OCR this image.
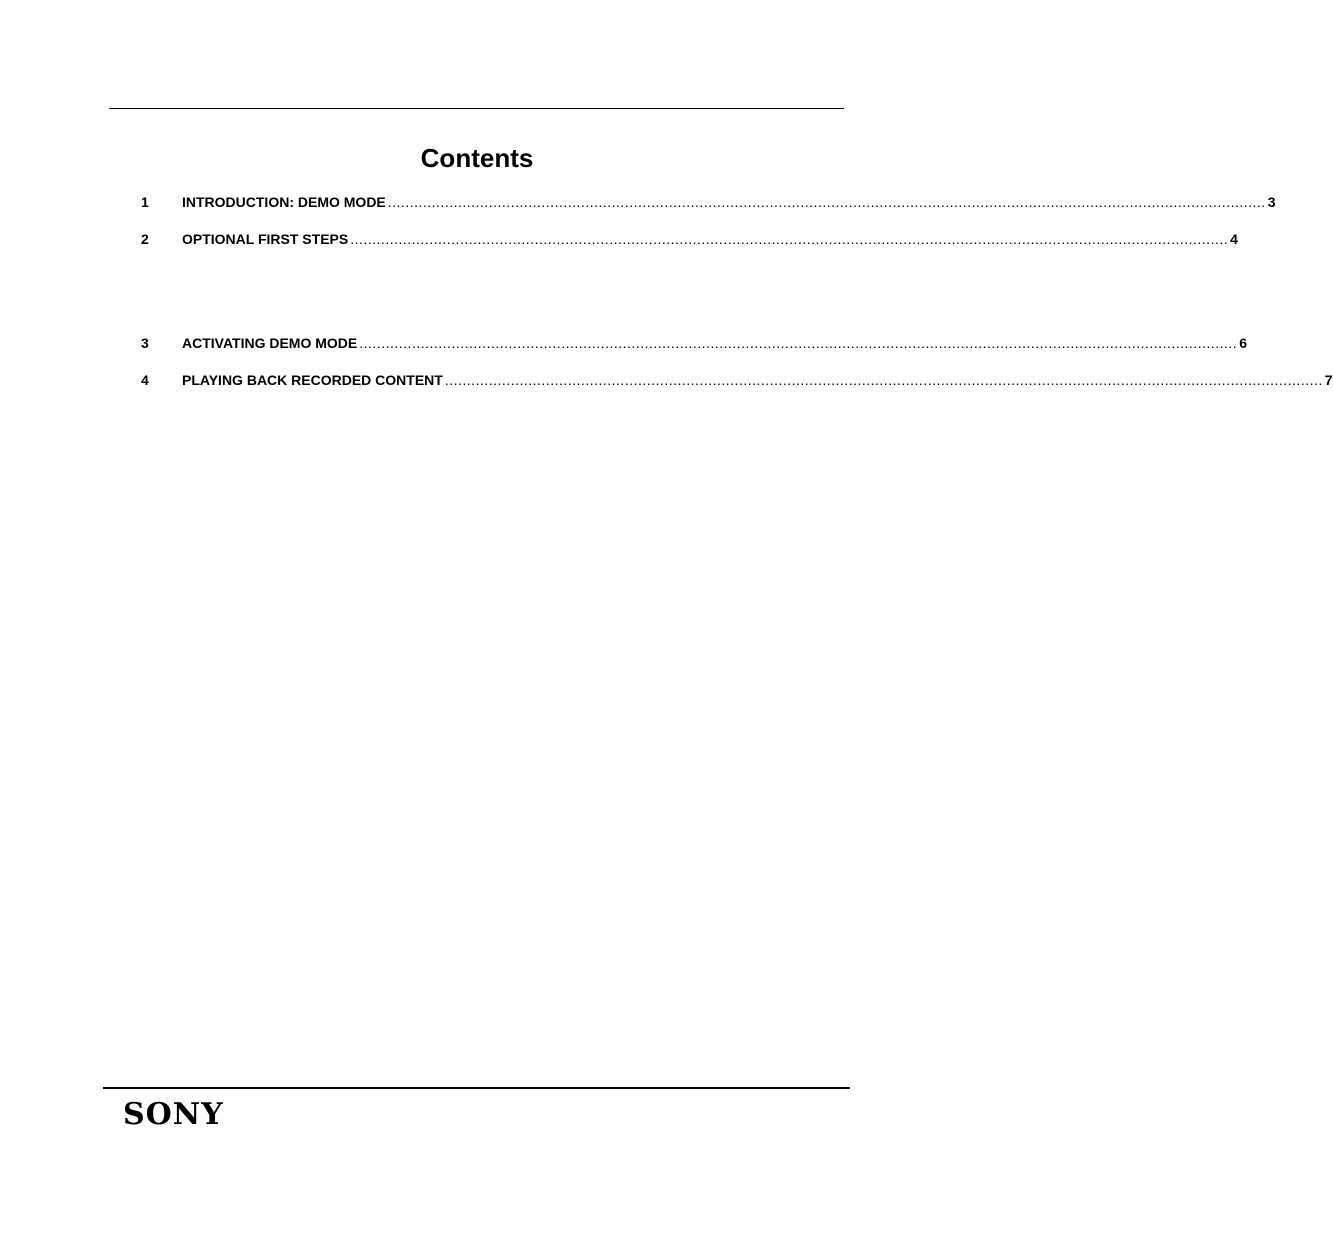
Contents
1	INTRODUCTION: DEMO MODE ........................................................................................................................................................................................................ 3
2	OPTIONAL FIRST STEPS ........................................................................................................................................................................................................ 4
3	ACTIVATING DEMO MODE ........................................................................................................................................................................................................ 6
4	PLAYING BACK RECORDED CONTENT ........................................................................................................................................................................................................ 7
SONY
